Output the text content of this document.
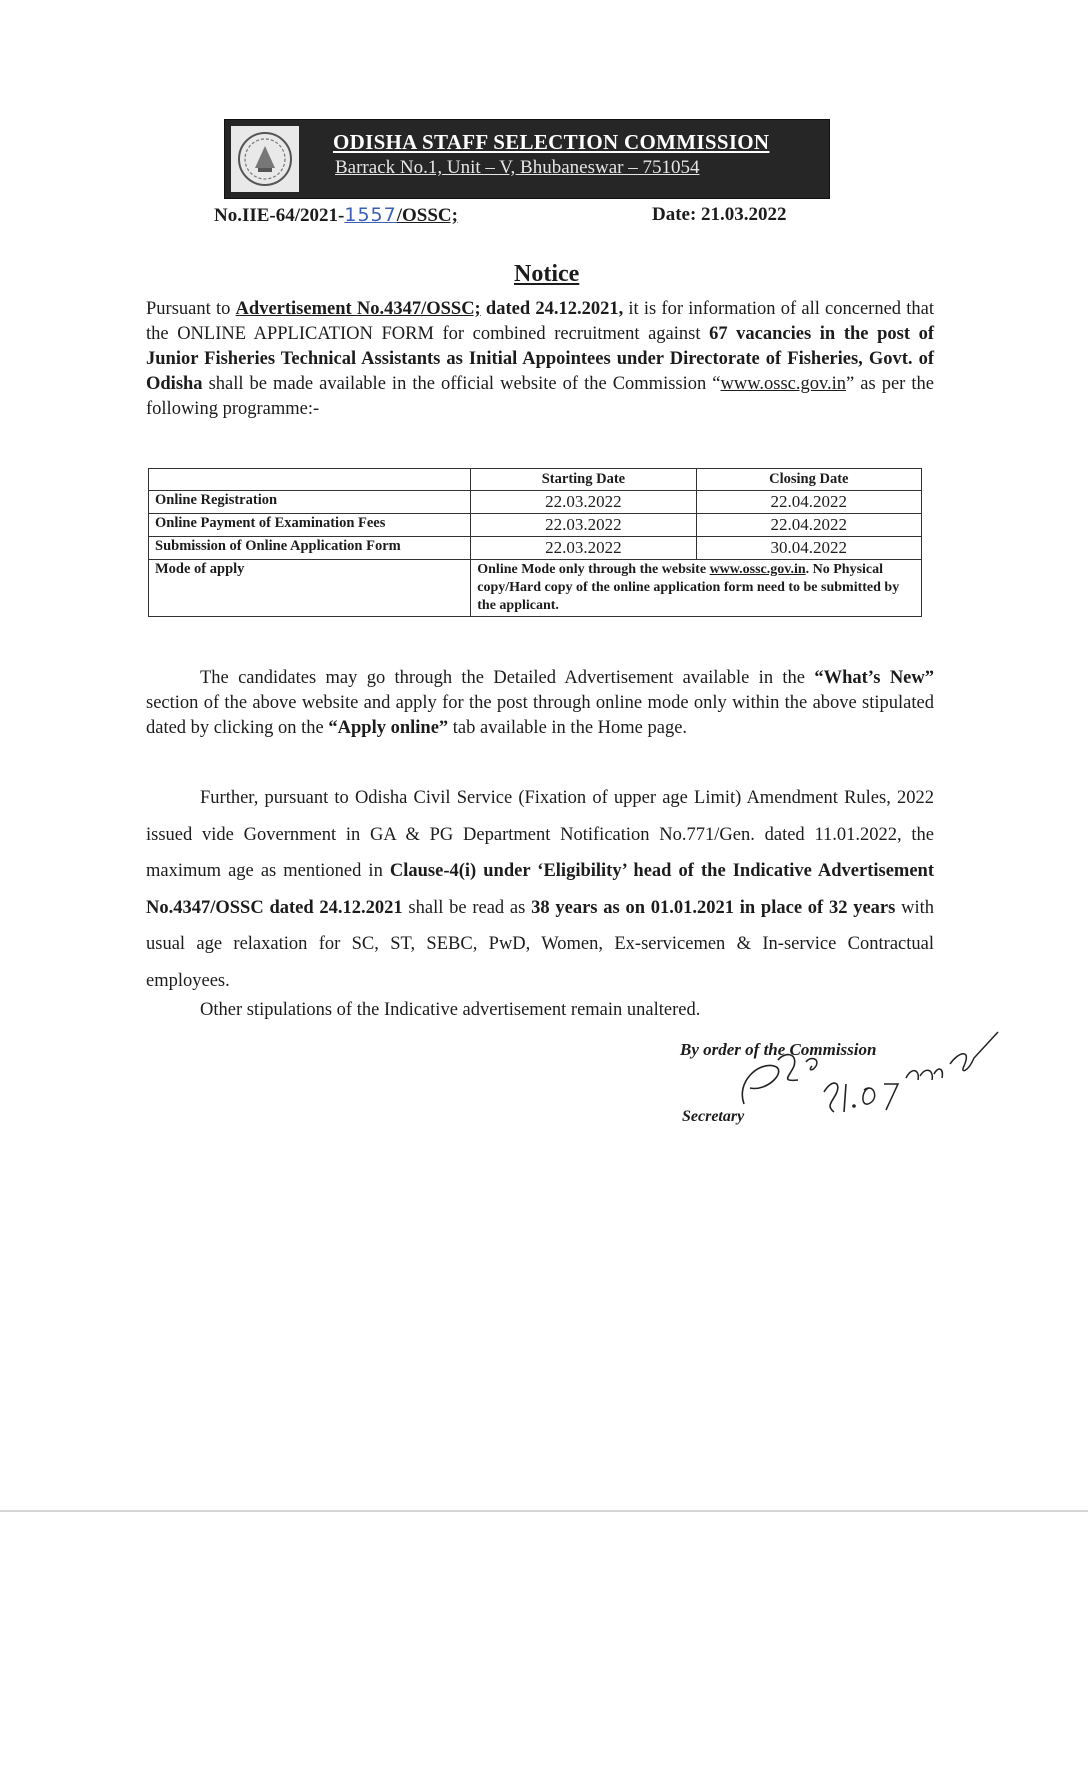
ODISHA STAFF SELECTION COMMISSION
Barrack No.1, Unit – V, Bhubaneswar – 751054
No.IIE-64/2021-1557/OSSC;	Date: 21.03.2022
Notice
Pursuant to Advertisement No.4347/OSSC; dated 24.12.2021, it is for information of all concerned that the ONLINE APPLICATION FORM for combined recruitment against 67 vacancies in the post of Junior Fisheries Technical Assistants as Initial Appointees under Directorate of Fisheries, Govt. of Odisha shall be made available in the official website of the Commission “www.ossc.gov.in” as per the following programme:-
	Starting Date	Closing Date
Online Registration	22.03.2022	22.04.2022
Online Payment of Examination Fees	22.03.2022	22.04.2022
Submission of Online Application Form	22.03.2022	30.04.2022
Mode of apply	Online Mode only through the website www.ossc.gov.in. No Physical copy/Hard copy of the online application form need to be submitted by the applicant.	
The candidates may go through the Detailed Advertisement available in the “What’s New” section of the above website and apply for the post through online mode only within the above stipulated dated by clicking on the “Apply online” tab available in the Home page.
Further, pursuant to Odisha Civil Service (Fixation of upper age Limit) Amendment Rules, 2022 issued vide Government in GA & PG Department Notification No.771/Gen. dated 11.01.2022, the maximum age as mentioned in Clause-4(i) under ‘Eligibility’ head of the Indicative Advertisement No.4347/OSSC dated 24.12.2021 shall be read as 38 years as on 01.01.2021 in place of 32 years with usual age relaxation for SC, ST, SEBC, PwD, Women, Ex-servicemen & In-service Contractual employees.
Other stipulations of the Indicative advertisement remain unaltered.
By order of the Commission
Secretary
